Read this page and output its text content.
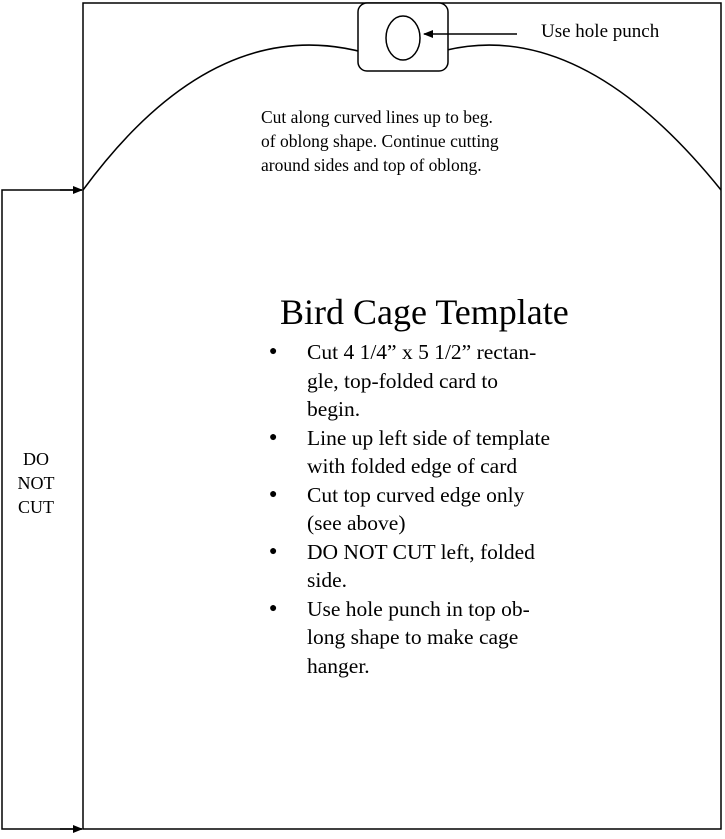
Use hole punch
Cut along curved lines up to beg.
of oblong shape. Continue cutting
around sides and top of oblong.
Bird Cage Template
● Cut 4 1/4” x 5 1/2” rectan-
gle, top-folded card to
begin.
● Line up left side of template
with folded edge of card
● Cut top curved edge only
(see above)
● DO NOT CUT left, folded
side.
● Use hole punch in top ob-
long shape to make cage
hanger.
DO
NOT
CUT
